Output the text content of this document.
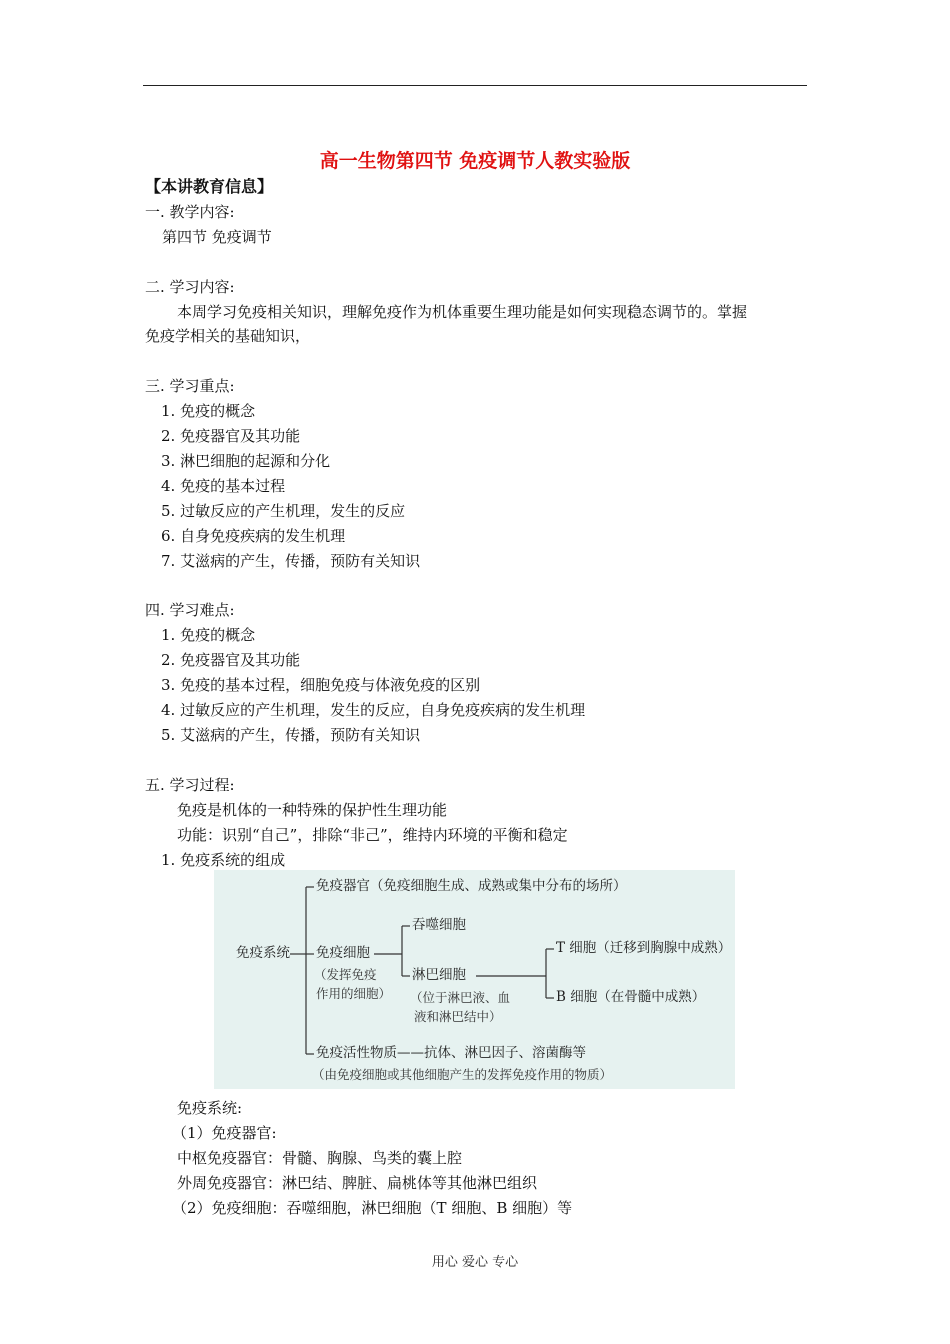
高一生物第四节 免疫调节人教实验版
【本讲教育信息】
一. 教学内容:
第四节 免疫调节
二. 学习内容:
本周学习免疫相关知识，理解免疫作为机体重要生理功能是如何实现稳态调节的。掌握
免疫学相关的基础知识，
三. 学习重点:
1. 免疫的概念
2. 免疫器官及其功能
3. 淋巴细胞的起源和分化
4. 免疫的基本过程
5. 过敏反应的产生机理，发生的反应
6. 自身免疫疾病的发生机理
7. 艾滋病的产生，传播，预防有关知识
四. 学习难点:
1. 免疫的概念
2. 免疫器官及其功能
3. 免疫的基本过程，细胞免疫与体液免疫的区别
4. 过敏反应的产生机理，发生的反应，自身免疫疾病的发生机理
5. 艾滋病的产生，传播，预防有关知识
五. 学习过程:
免疫是机体的一种特殊的保护性生理功能
功能：识别“自己”，排除“非己”，维持内环境的平衡和稳定
1. 免疫系统的组成
免疫系统
免疫器官（免疫细胞生成、成熟或集中分布的场所）
免疫细胞
（发挥免疫
作用的细胞）
吞噬细胞
淋巴细胞
（位于淋巴液、血
液和淋巴结中）
T 细胞（迁移到胸腺中成熟）
B 细胞（在骨髓中成熟）
免疫活性物质——抗体、淋巴因子、溶菌酶等
（由免疫细胞或其他细胞产生的发挥免疫作用的物质）
免疫系统:
（1）免疫器官:
中枢免疫器官：骨髓、胸腺、鸟类的囊上腔
外周免疫器官：淋巴结、脾脏、扁桃体等其他淋巴组织
（2）免疫细胞：吞噬细胞，淋巴细胞（T 细胞、B 细胞）等
用心 爱心 专心
